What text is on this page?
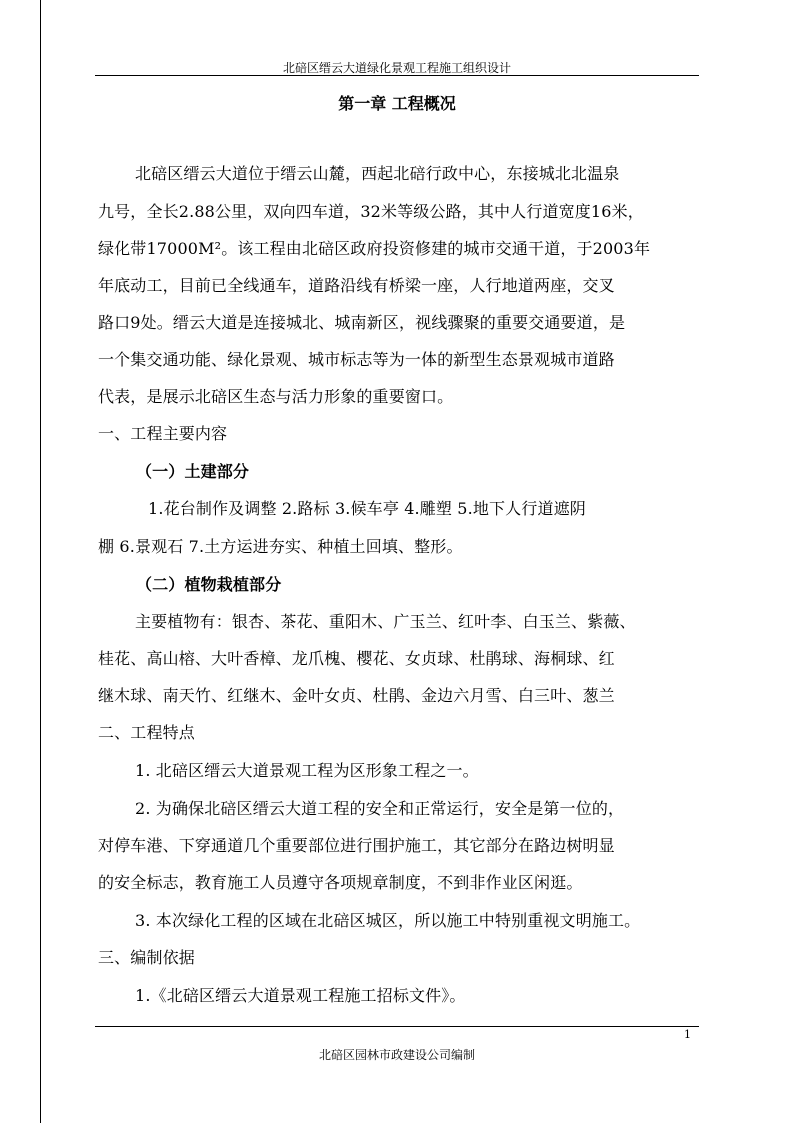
北碚区缙云大道绿化景观工程施工组织设计
第一章 工程概况
北碚区缙云大道位于缙云山麓，西起北碚行政中心，东接城北北温泉
九号，全长2.88公里，双向四车道，32米等级公路，其中人行道宽度16米，
绿化带17000M²。该工程由北碚区政府投资修建的城市交通干道，于2003年
年底动工，目前已全线通车，道路沿线有桥梁一座，人行地道两座，交叉
路口9处。缙云大道是连接城北、城南新区，视线骤聚的重要交通要道，是
一个集交通功能、绿化景观、城市标志等为一体的新型生态景观城市道路
代表，是展示北碚区生态与活力形象的重要窗口。
一、工程主要内容
（一）土建部分
1.花台制作及调整 2.路标 3.候车亭 4.雕塑 5.地下人行道遮阴
棚 6.景观石 7.土方运进夯实、种植土回填、整形。
（二）植物栽植部分
主要植物有：银杏、茶花、重阳木、广玉兰、红叶李、白玉兰、紫薇、
桂花、高山榕、大叶香樟、龙爪槐、樱花、女贞球、杜鹃球、海桐球、红
继木球、南天竹、红继木、金叶女贞、杜鹃、金边六月雪、白三叶、葱兰
二、工程特点
1. 北碚区缙云大道景观工程为区形象工程之一。
2. 为确保北碚区缙云大道工程的安全和正常运行，安全是第一位的，
对停车港、下穿通道几个重要部位进行围护施工，其它部分在路边树明显
的安全标志，教育施工人员遵守各项规章制度，不到非作业区闲逛。
3. 本次绿化工程的区域在北碚区城区，所以施工中特别重视文明施工。
三、编制依据
1.《北碚区缙云大道景观工程施工招标文件》。
1
北碚区园林市政建设公司编制
